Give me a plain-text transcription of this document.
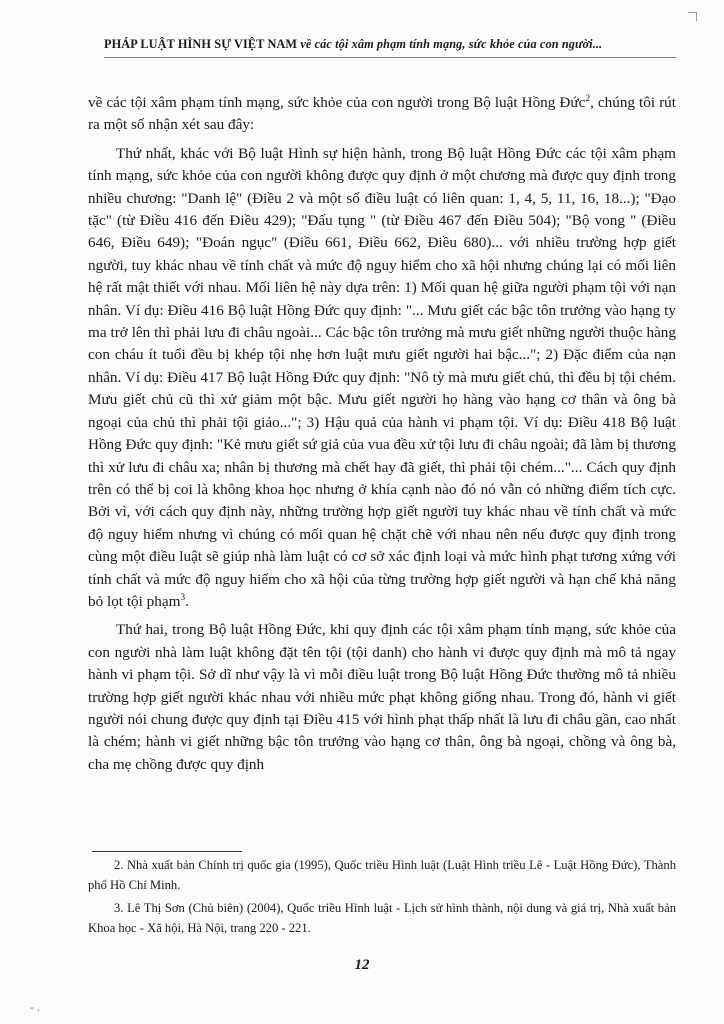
PHÁP LUẬT HÌNH SỰ VIỆT NAM về các tội xâm phạm tính mạng, sức khỏe của con người...

về các tội xâm phạm tính mạng, sức khỏe của con người trong Bộ luật Hồng Đức$^2$, chúng tôi rút ra một số nhận xét sau đây:

Thứ nhất, khác với Bộ luật Hình sự hiện hành, trong Bộ luật Hồng Đức các tội xâm phạm tính mạng, sức khỏe của con người không được quy định ở một chương mà được quy định trong nhiều chương: "Danh lệ" (Điều 2 và một số điều luật có liên quan: 1, 4, 5, 11, 16, 18...); "Đạo tặc" (từ Điều 416 đến Điều 429); "Đấu tụng " (từ Điều 467 đến Điều 504); "Bộ vong " (Điều 646, Điều 649); "Đoán ngục" (Điều 661, Điều 662, Điều 680)... với nhiều trường hợp giết người, tuy khác nhau về tính chất và mức độ nguy hiểm cho xã hội nhưng chúng lại có mối liên hệ rất mật thiết với nhau. Mối liên hệ này dựa trên: 1) Mối quan hệ giữa người phạm tội với nạn nhân. Ví dụ: Điều 416 Bộ luật Hồng Đức quy định: "... Mưu giết các bậc tôn trưởng vào hạng ty ma trở lên thì phải lưu đi châu ngoài... Các bậc tôn trưởng mà mưu giết những người thuộc hàng con cháu ít tuổi đều bị khép tội nhẹ hơn luật mưu giết người hai bậc..."; 2) Đặc điểm của nạn nhân. Ví dụ: Điều 417 Bộ luật Hồng Đức quy định: "Nô tỳ mà mưu giết chủ, thì đều bị tội chém. Mưu giết chủ cũ thì xử giảm một bậc. Mưu giết người họ hàng vào hạng cơ thân và ông bà ngoại của chủ thì phải tội giảo..."; 3) Hậu quả của hành vi phạm tội. Ví dụ: Điều 418 Bộ luật Hồng Đức quy định: "Kẻ mưu giết sứ giả của vua đều xử tội lưu đi châu ngoài; đã làm bị thương thì xử lưu đi châu xa; nhân bị thương mà chết hay đã giết, thì phải tội chém..."... Cách quy định trên có thể bị coi là không khoa học nhưng ở khía cạnh nào đó nó vẫn có những điểm tích cực. Bởi vì, với cách quy định này, những trường hợp giết người tuy khác nhau về tính chất và mức độ nguy hiểm nhưng vì chúng có mối quan hệ chặt chẽ với nhau nên nếu được quy định trong cùng một điều luật sẽ giúp nhà làm luật có cơ sở xác định loại và mức hình phạt tương xứng với tính chất và mức độ nguy hiểm cho xã hội của từng trường hợp giết người và hạn chế khả năng bỏ lọt tội phạm$^3$.

Thứ hai, trong Bộ luật Hồng Đức, khi quy định các tội xâm phạm tính mạng, sức khỏe của con người nhà làm luật không đặt tên tội (tội danh) cho hành vi được quy định mà mô tả ngay hành vi phạm tội. Sở dĩ như vậy là vì mỗi điều luật trong Bộ luật Hồng Đức thường mô tả nhiều trường hợp giết người khác nhau với nhiều mức phạt không giống nhau. Trong đó, hành vi giết người nói chung được quy định tại Điều 415 với hình phạt thấp nhất là lưu đi châu gần, cao nhất là chém; hành vi giết những bậc tôn trưởng vào hạng cơ thân, ông bà ngoại, chồng và ông bà, cha mẹ chồng được quy định

2. Nhà xuất bản Chính trị quốc gia (1995), Quốc triều Hình luật (Luật Hình triều Lê - Luật Hồng Đức), Thành phố Hồ Chí Minh.

3. Lê Thị Sơn (Chủ biên) (2004), Quốc triều Hình luật - Lịch sử hình thành, nội dung và giá trị, Nhà xuất bản Khoa học - Xã hội, Hà Nội, trang 220 - 221.

12
‐ .
